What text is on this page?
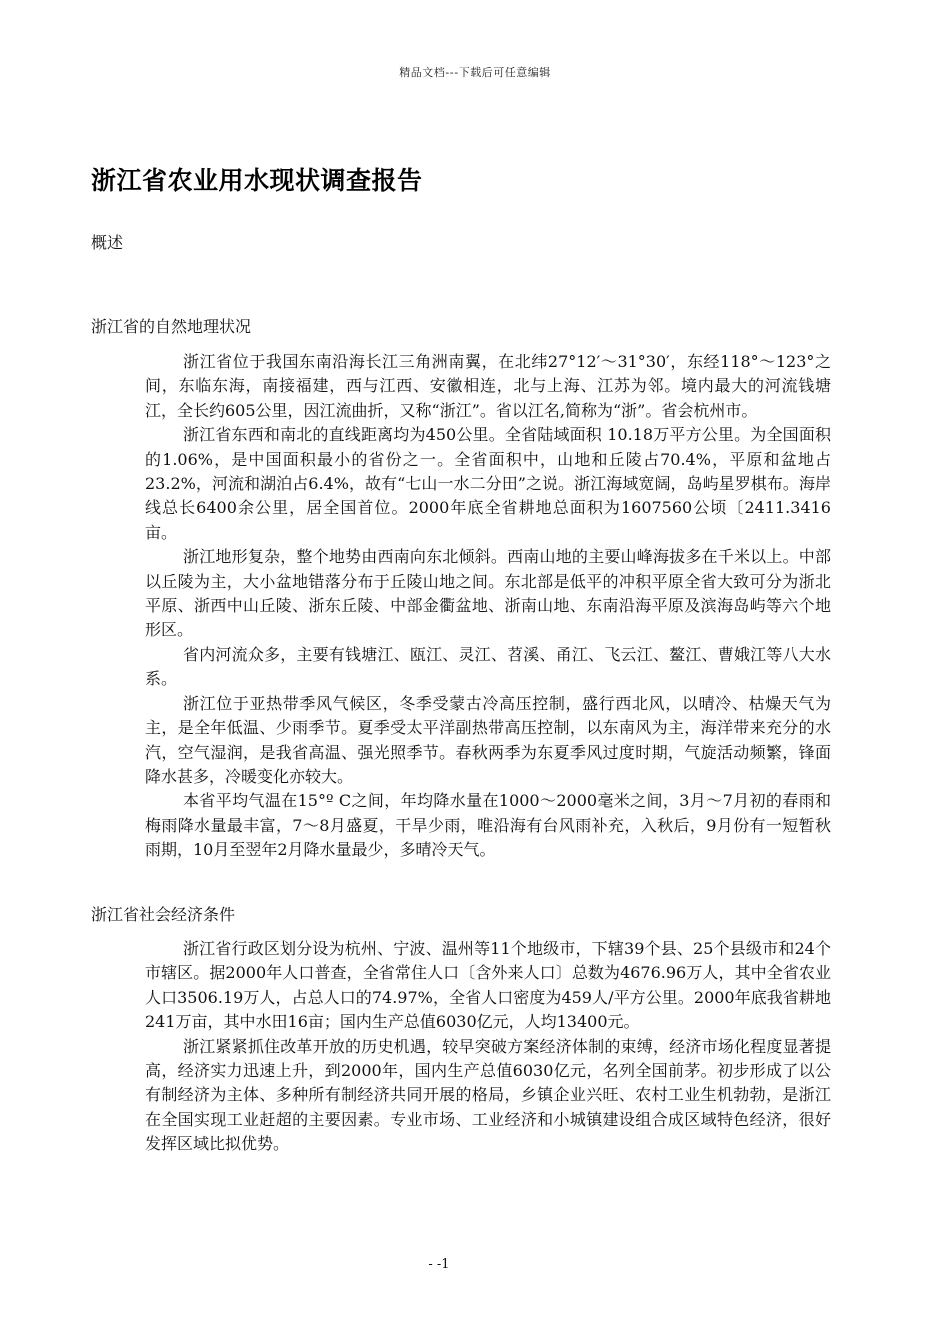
精品文档---下载后可任意编辑
浙江省农业用水现状调查报告
概述
浙江省的自然地理状况

浙江省位于我国东南沿海长江三角洲南翼，在北纬27°12′～31°30′，东经118°～123°之间，东临东海，南接福建，西与江西、安徽相连，北与上海、江苏为邻。境内最大的河流钱塘江，全长约605公里，因江流曲折，又称“浙江”。省以江名,简称为“浙”。省会杭州市。

浙江省东西和南北的直线距离均为450公里。全省陆域面积 10.18万平方公里。为全国面积的1.06%，是中国面积最小的省份之一。全省面积中，山地和丘陵占70.4%，平原和盆地占23.2%，河流和湖泊占6.4%，故有“七山一水二分田”之说。浙江海域宽阔，岛屿星罗棋布。海岸线总长6400余公里，居全国首位。2000年底全省耕地总面积为1607560公顷〔2411.3416亩。

浙江地形复杂，整个地势由西南向东北倾斜。西南山地的主要山峰海拔多在千米以上。中部以丘陵为主，大小盆地错落分布于丘陵山地之间。东北部是低平的冲积平原全省大致可分为浙北平原、浙西中山丘陵、浙东丘陵、中部金衢盆地、浙南山地、东南沿海平原及滨海岛屿等六个地形区。

省内河流众多，主要有钱塘江、瓯江、灵江、苕溪、甬江、飞云江、鳌江、曹娥江等八大水系。

浙江位于亚热带季风气候区，冬季受蒙古冷高压控制，盛行西北风，以晴冷、枯燥天气为主，是全年低温、少雨季节。夏季受太平洋副热带高压控制，以东南风为主，海洋带来充分的水汽，空气湿润，是我省高温、强光照季节。春秋两季为东夏季风过度时期，气旋活动频繁，锋面降水甚多，冷暖变化亦较大。

本省平均气温在15°º C之间，年均降水量在1000～2000毫米之间，3月～7月初的春雨和梅雨降水量最丰富，7～8月盛夏，干旱少雨，唯沿海有台风雨补充，入秋后，9月份有一短暂秋雨期，10月至翌年2月降水量最少，多晴冷天气。

浙江省社会经济条件

浙江省行政区划分设为杭州、宁波、温州等11个地级市，下辖39个县、25个县级市和24个市辖区。据2000年人口普查，全省常住人口〔含外来人口〕总数为4676.96万人，其中全省农业人口3506.19万人，占总人口的74.97%，全省人口密度为459人/平方公里。2000年底我省耕地241万亩，其中水田16亩；国内生产总值6030亿元，人均13400元。

浙江紧紧抓住改革开放的历史机遇，较早突破方案经济体制的束缚，经济市场化程度显著提高，经济实力迅速上升，到2000年，国内生产总值6030亿元，名列全国前茅。初步形成了以公有制经济为主体、多种所有制经济共同开展的格局，乡镇企业兴旺、农村工业生机勃勃，是浙江在全国实现工业赶超的主要因素。专业市场、工业经济和小城镇建设组合成区域特色经济，很好发挥区域比拟优势。

- -1
